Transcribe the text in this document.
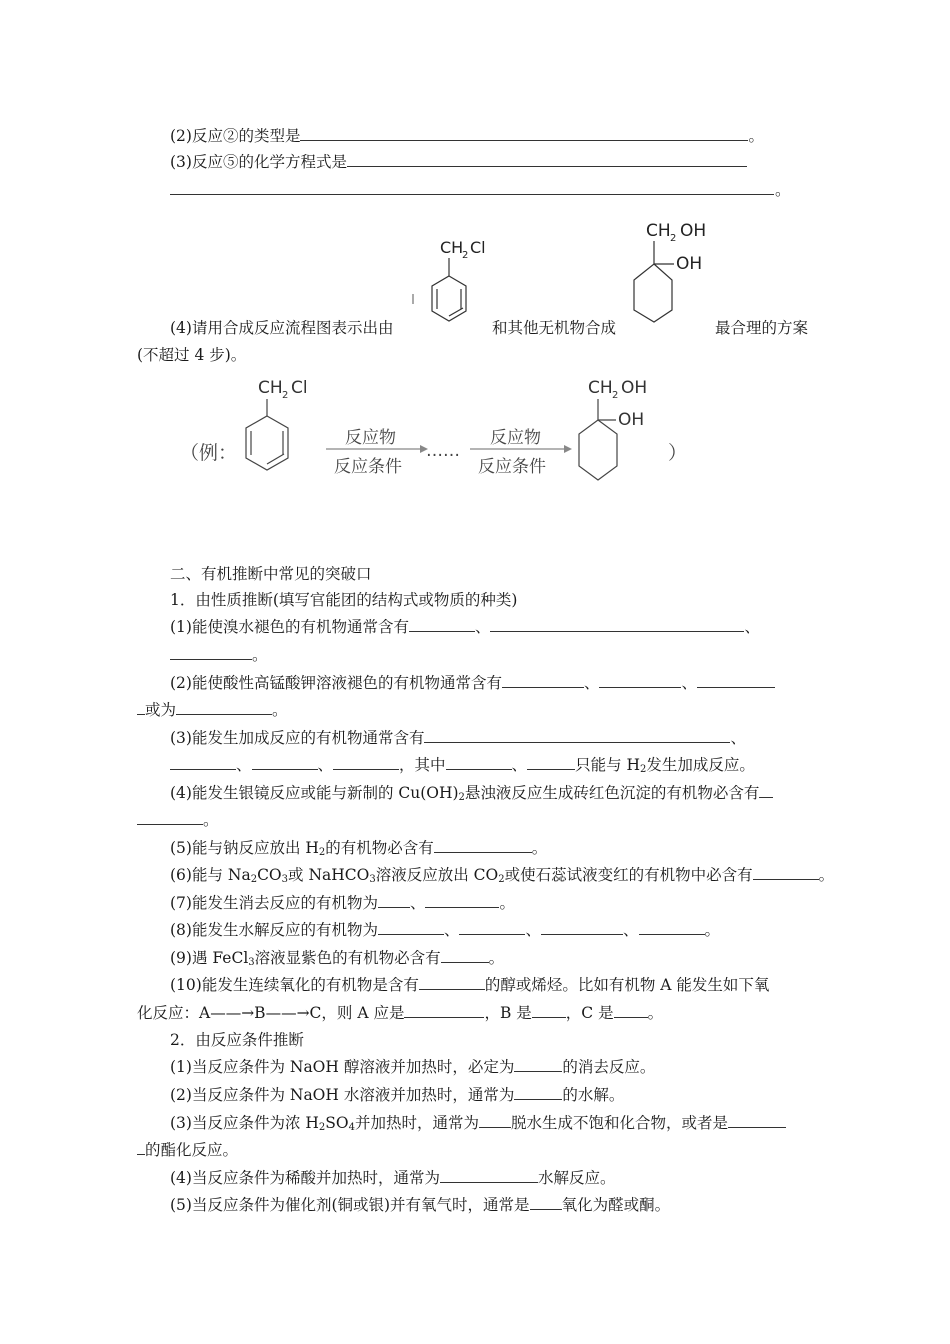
(2)反应②的类型是	。
(3)反应⑤的化学方程式是
。
CH
2 Cl
CH 2 OH
OH
(4)请用合成反应流程图表示出由	和其他无机物合成	最合理的方案
(不超过 4 步)。
（例：
CH 2 Cl
反应物
反应条件
……
反应物
反应条件
CH 2 OH
OH
）
二、有机推断中常见的突破口
1．由性质推断(填写官能团的结构式或物质的种类)
(1)能使溴水褪色的有机物通常含有	、	、
。
(2)能使酸性高锰酸钾溶液褪色的有机物通常含有	、	、
或为	。
(3)能发生加成反应的有机物通常含有	、
、	、	，其中	、	只能与 $H_2$发生加成反应。
(4)能发生银镜反应或能与新制的 $Cu(OH)_2$悬浊液反应生成砖红色沉淀的有机物必含有
。
(5)能与钠反应放出 $H_2$的有机物必含有	。
(6)能与 $Na_2CO_3$或 NaHCO$_3$溶液反应放出 $CO_2$或使石蕊试液变红的有机物中必含有	。
(7)能发生消去反应的有机物为 、	。
(8)能发生水解反应的有机物为	、	、	、	。
(9)遇 FeCl$_3$溶液显紫色的有机物必含有	。
(10)能发生连续氧化的有机物是含有	的醇或烯烃。比如有机物 A 能发生如下氧
化反应：A——→B——→C，则 A 应是	，B 是 ，C 是 。
2．由反应条件推断
(1)当反应条件为 NaOH 醇溶液并加热时，必定为	的消去反应。
(2)当反应条件为 NaOH 水溶液并加热时，通常为	的水解。
(3)当反应条件为浓 $H_2SO_4$并加热时，通常为 脱水生成不饱和化合物，或者是
的酯化反应。
(4)当反应条件为稀酸并加热时，通常为	水解反应。
(5)当反应条件为催化剂(铜或银)并有氧气时，通常是 氧化为醛或酮。
